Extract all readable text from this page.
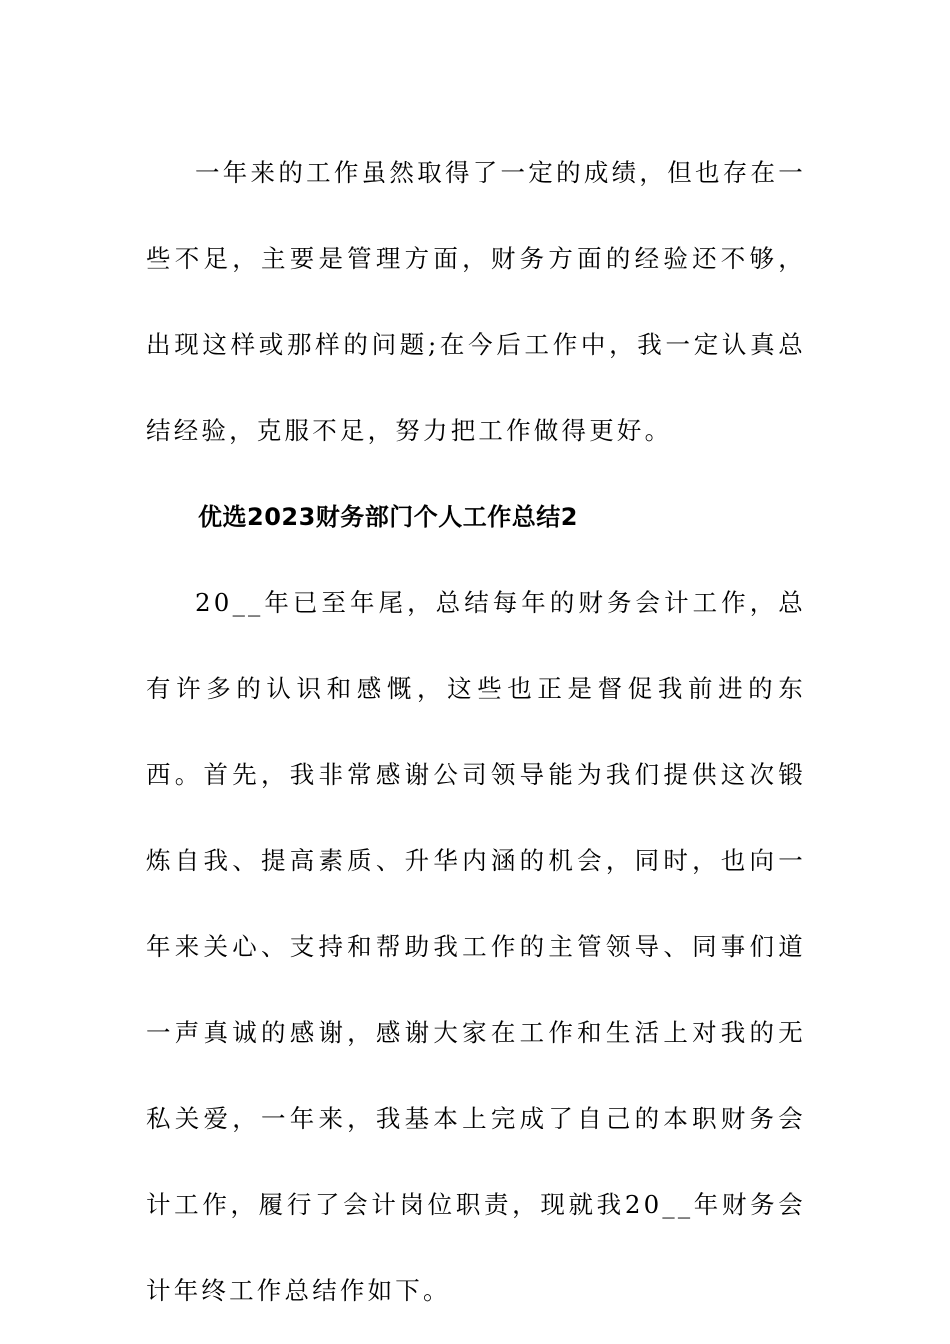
一年来的工作虽然取得了一定的成绩，但也存在一些不足，主要是管理方面，财务方面的经验还不够，出现这样或那样的问题;在今后工作中，我一定认真总结经验，克服不足，努力把工作做得更好。

优选2023财务部门个人工作总结2

20__年已至年尾，总结每年的财务会计工作，总有许多的认识和感慨，这些也正是督促我前进的东西。首先，我非常感谢公司领导能为我们提供这次锻炼自我、提高素质、升华内涵的机会，同时，也向一年来关心、支持和帮助我工作的主管领导、同事们道一声真诚的感谢，感谢大家在工作和生活上对我的无私关爱，一年来，我基本上完成了自己的本职财务会计工作，履行了会计岗位职责，现就我20__年财务会计年终工作总结作如下。
